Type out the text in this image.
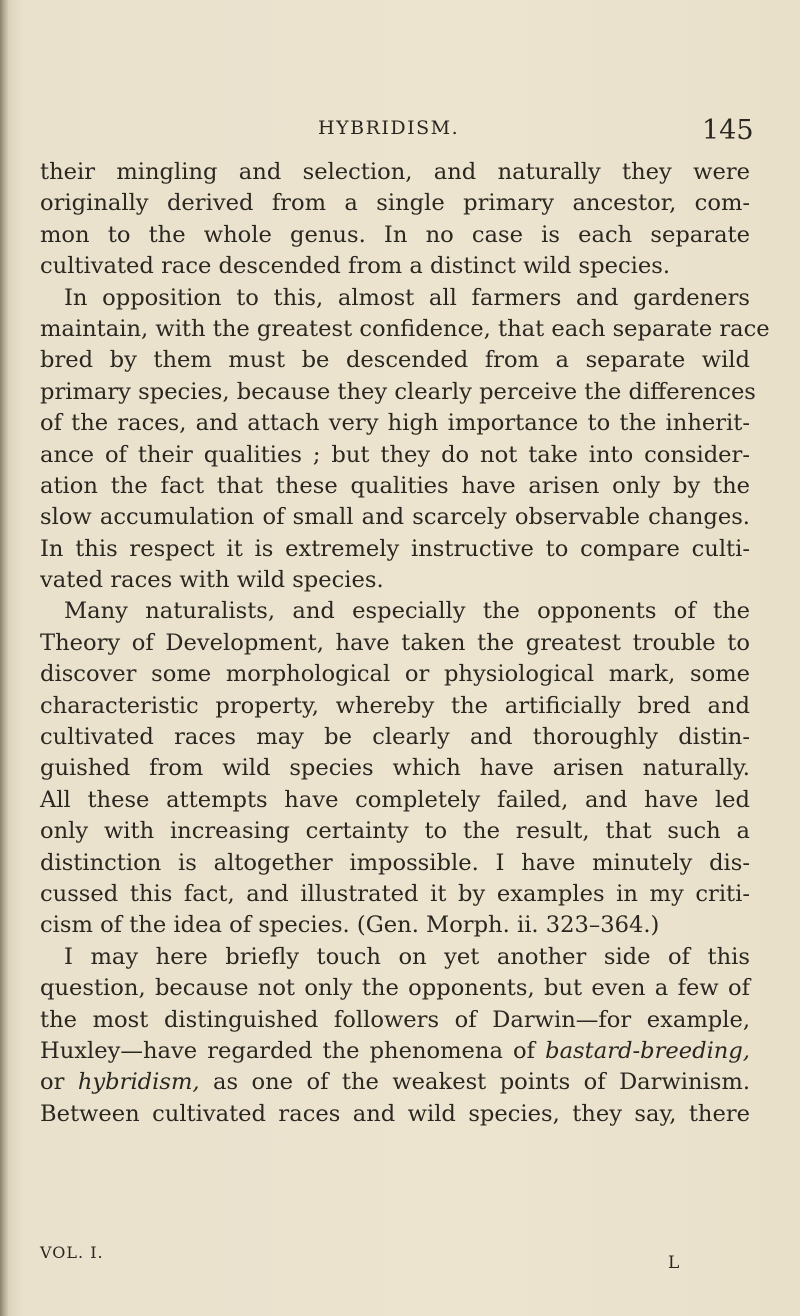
HYBRIDISM.	145
their mingling and selection, and naturally they were
originally derived from a single primary ancestor, com-
mon to the whole genus. In no case is each separate
cultivated race descended from a distinct wild species.
In opposition to this, almost all farmers and gardeners
maintain, with the greatest confidence, that each separate race
bred by them must be descended from a separate wild
primary species, because they clearly perceive the differences
of the races, and attach very high importance to the inherit-
ance of their qualities ; but they do not take into consider-
ation the fact that these qualities have arisen only by the
slow accumulation of small and scarcely observable changes.
In this respect it is extremely instructive to compare culti-
vated races with wild species.
Many naturalists, and especially the opponents of the
Theory of Development, have taken the greatest trouble to
discover some morphological or physiological mark, some
characteristic property, whereby the artificially bred and
cultivated races may be clearly and thoroughly distin-
guished from wild species which have arisen naturally.
All these attempts have completely failed, and have led
only with increasing certainty to the result, that such a
distinction is altogether impossible. I have minutely dis-
cussed this fact, and illustrated it by examples in my criti-
cism of the idea of species. (Gen. Morph. ii. 323–364.)
I may here briefly touch on yet another side of this
question, because not only the opponents, but even a few of
the most distinguished followers of Darwin—for example,
Huxley—have regarded the phenomena of bastard-breeding,
or hybridism, as one of the weakest points of Darwinism.
Between cultivated races and wild species, they say, there
VOL. I.
L
